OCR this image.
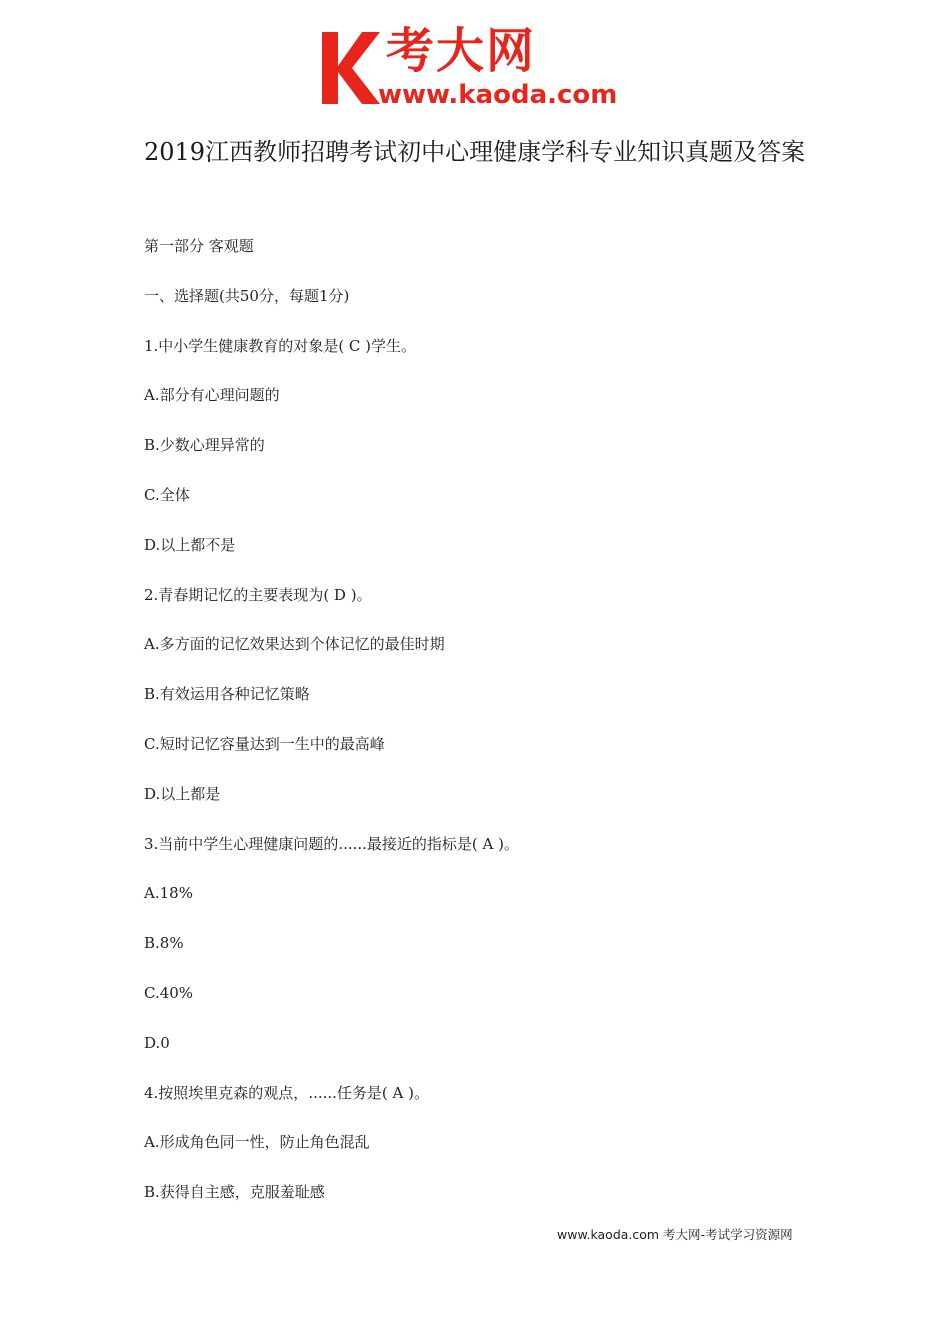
考大网
www.kaoda.com
2019江西教师招聘考试初中心理健康学科专业知识真题及答案
第一部分 客观题
一、选择题(共50分，每题1分)
1.中小学生健康教育的对象是( C )学生。
A.部分有心理问题的
B.少数心理异常的
C.全体
D.以上都不是
2.青春期记忆的主要表现为( D )。
A.多方面的记忆效果达到个体记忆的最佳时期
B.有效运用各种记忆策略
C.短时记忆容量达到一生中的最高峰
D.以上都是
3.当前中学生心理健康问题的......最接近的指标是( A )。
A.18%
B.8%
C.40%
D.0
4.按照埃里克森的观点，......任务是( A )。
A.形成角色同一性，防止角色混乱
B.获得自主感，克服羞耻感
www.kaoda.com 考大网-考试学习资源网
